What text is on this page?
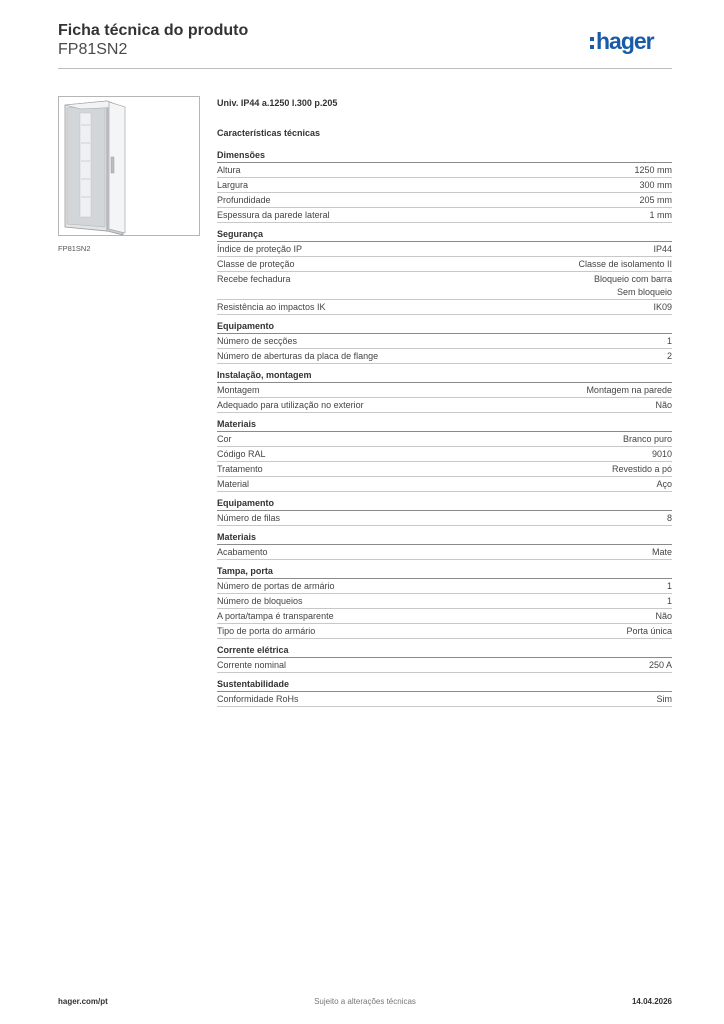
Ficha técnica do produto
FP81SN2	hager
FP81SN2
Univ. IP44 a.1250 l.300 p.205
Características técnicas
Dimensões
Altura	1250 mm
Largura	300 mm
Profundidade	205 mm
Espessura da parede lateral	1 mm
Segurança
Índice de proteção IP	IP44
Classe de proteção	Classe de isolamento II
Recebe fechadura	Bloqueio com barra
Sem bloqueio
Resistência ao impactos IK	IK09
Equipamento
Número de secções	1
Número de aberturas da placa de flange	2
Instalação, montagem
Montagem	Montagem na parede
Adequado para utilização no exterior	Não
Materiais
Cor	Branco puro
Código RAL	9010
Tratamento	Revestido a pó
Material	Aço
Equipamento
Número de filas	8
Materiais
Acabamento	Mate
Tampa, porta
Número de portas de armário	1
Número de bloqueios	1
A porta/tampa é transparente	Não
Tipo de porta do armário	Porta única
Corrente elétrica
Corrente nominal	250 A
Sustentabilidade
Conformidade RoHs	Sim
hager.com/pt	Sujeito a alterações técnicas	14.04.2026
